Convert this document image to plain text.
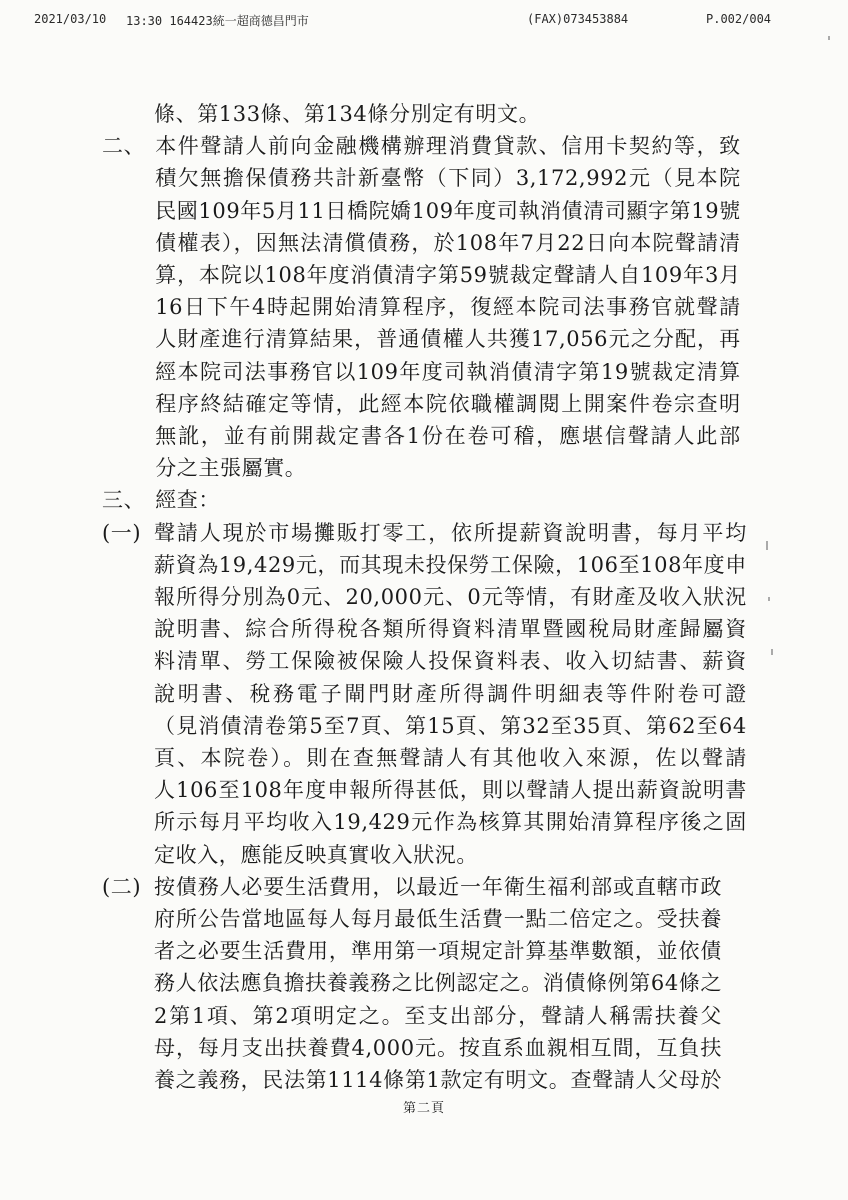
2021/03/10 13:30 164423統一超商德昌門市	(FAX)073453884	P.002/004
條、第133條、第134條分別定有明文。
二、 本件聲請人前向金融機構辦理消費貸款、信用卡契約等，致
積欠無擔保債務共計新臺幣（下同）3,172,992元（見本院
民國109年5月11日橋院嬌109年度司執消債清司顯字第19號
債權表），因無法清償債務，於108年7月22日向本院聲請清
算，本院以108年度消債清字第59號裁定聲請人自109年3月
16日下午4時起開始清算程序，復經本院司法事務官就聲請
人財產進行清算結果，普通債權人共獲17,056元之分配，再
經本院司法事務官以109年度司執消債清字第19號裁定清算
程序終結確定等情，此經本院依職權調閱上開案件卷宗查明
無訛，並有前開裁定書各1份在卷可稽，應堪信聲請人此部
分之主張屬實。
三、 經查：
(一) 聲請人現於市場攤販打零工，依所提薪資說明書，每月平均
薪資為19,429元，而其現未投保勞工保險，106至108年度申
報所得分別為0元、20,000元、0元等情，有財產及收入狀況
說明書、綜合所得稅各類所得資料清單暨國稅局財產歸屬資
料清單、勞工保險被保險人投保資料表、收入切結書、薪資
說明書、稅務電子閘門財產所得調件明細表等件附卷可證
（見消債清卷第5至7頁、第15頁、第32至35頁、第62至64
頁、本院卷）。則在查無聲請人有其他收入來源，佐以聲請
人106至108年度申報所得甚低，則以聲請人提出薪資說明書
所示每月平均收入19,429元作為核算其開始清算程序後之固
定收入，應能反映真實收入狀況。
(二) 按債務人必要生活費用，以最近一年衛生福利部或直轄市政
府所公告當地區每人每月最低生活費一點二倍定之。受扶養
者之必要生活費用，準用第一項規定計算基準數額，並依債
務人依法應負擔扶養義務之比例認定之。消債條例第64條之
2第1項、第2項明定之。至支出部分，聲請人稱需扶養父
母，每月支出扶養費4,000元。按直系血親相互間，互負扶
養之義務，民法第1114條第1款定有明文。查聲請人父母於
第二頁
